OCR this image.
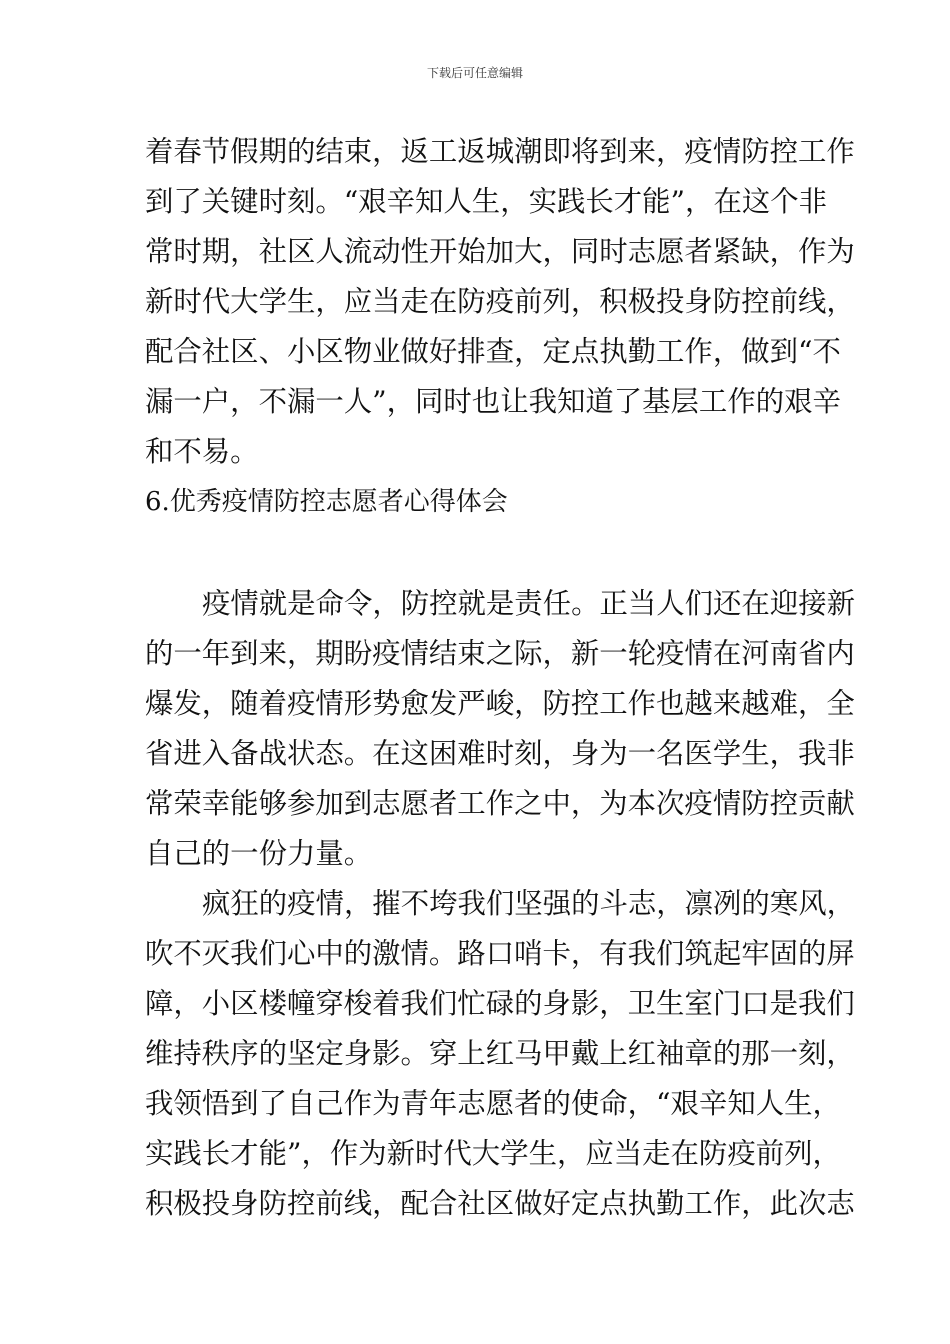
下载后可任意编辑
着春节假期的结束，返工返城潮即将到来，疫情防控工作
到了关键时刻。“艰辛知人生，实践长才能”，在这个非
常时期，社区人流动性开始加大，同时志愿者紧缺，作为
新时代大学生，应当走在防疫前列，积极投身防控前线，
配合社区、小区物业做好排查，定点执勤工作，做到“不
漏一户，不漏一人”，同时也让我知道了基层工作的艰辛
和不易。
6.优秀疫情防控志愿者心得体会
疫情就是命令，防控就是责任。正当人们还在迎接新
的一年到来，期盼疫情结束之际，新一轮疫情在河南省内
爆发，随着疫情形势愈发严峻，防控工作也越来越难，全
省进入备战状态。在这困难时刻，身为一名医学生，我非
常荣幸能够参加到志愿者工作之中，为本次疫情防控贡献
自己的一份力量。
疯狂的疫情，摧不垮我们坚强的斗志，凛冽的寒风，
吹不灭我们心中的激情。路口哨卡，有我们筑起牢固的屏
障，小区楼幢穿梭着我们忙碌的身影，卫生室门口是我们
维持秩序的坚定身影。穿上红马甲戴上红袖章的那一刻，
我领悟到了自己作为青年志愿者的使命，“艰辛知人生，
实践长才能”，作为新时代大学生，应当走在防疫前列，
积极投身防控前线，配合社区做好定点执勤工作，此次志
